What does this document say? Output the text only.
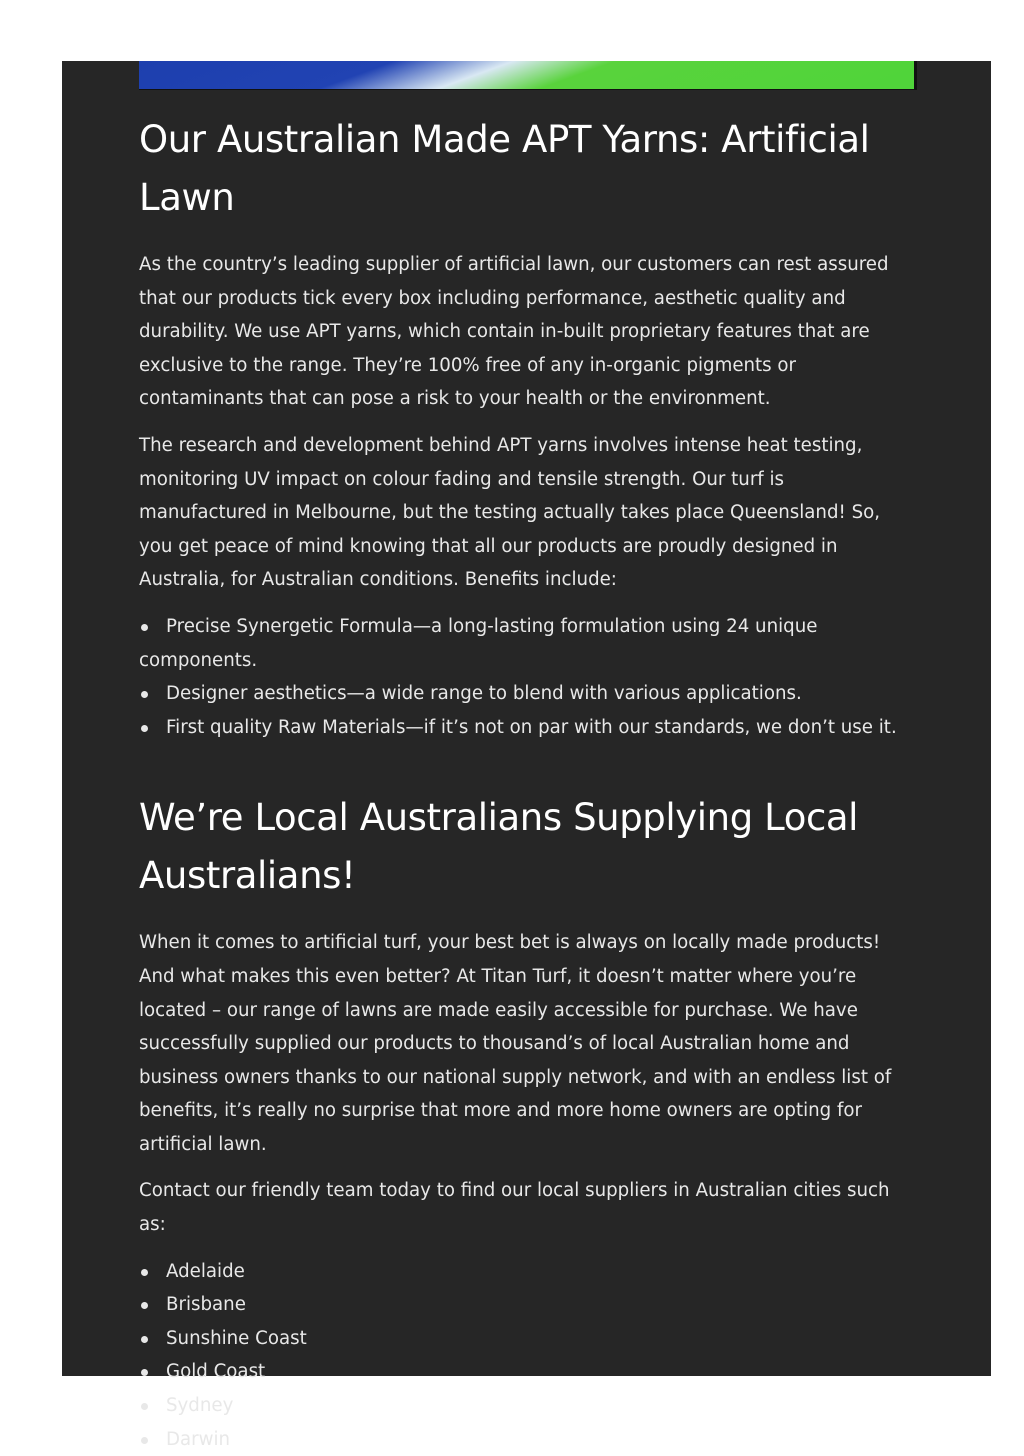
Our Australian Made APT Yarns: Artificial Lawn

As the country’s leading supplier of artificial lawn, our customers can rest assured that our products tick every box including performance, aesthetic quality and durability. We use APT yarns, which contain in-built proprietary features that are exclusive to the range. They’re 100% free of any in-organic pigments or contaminants that can pose a risk to your health or the environment.

The research and development behind APT yarns involves intense heat testing, monitoring UV impact on colour fading and tensile strength. Our turf is manufactured in Melbourne, but the testing actually takes place Queensland! So, you get peace of mind knowing that all our products are proudly designed in Australia, for Australian conditions. Benefits include:

Precise Synergetic Formula—a long-lasting formulation using 24 unique components.
Designer aesthetics—a wide range to blend with various applications.
First quality Raw Materials—if it’s not on par with our standards, we don’t use it.
We’re Local Australians Supplying Local Australians!

When it comes to artificial turf, your best bet is always on locally made products! And what makes this even better? At Titan Turf, it doesn’t matter where you’re located – our range of lawns are made easily accessible for purchase. We have successfully supplied our products to thousand’s of local Australian home and business owners thanks to our national supply network, and with an endless list of benefits, it’s really no surprise that more and more home owners are opting for artificial lawn.

Contact our friendly team today to find our local suppliers in Australian cities such as:

Adelaide
Brisbane
Sunshine Coast
Gold Coast
Sydney
Darwin
